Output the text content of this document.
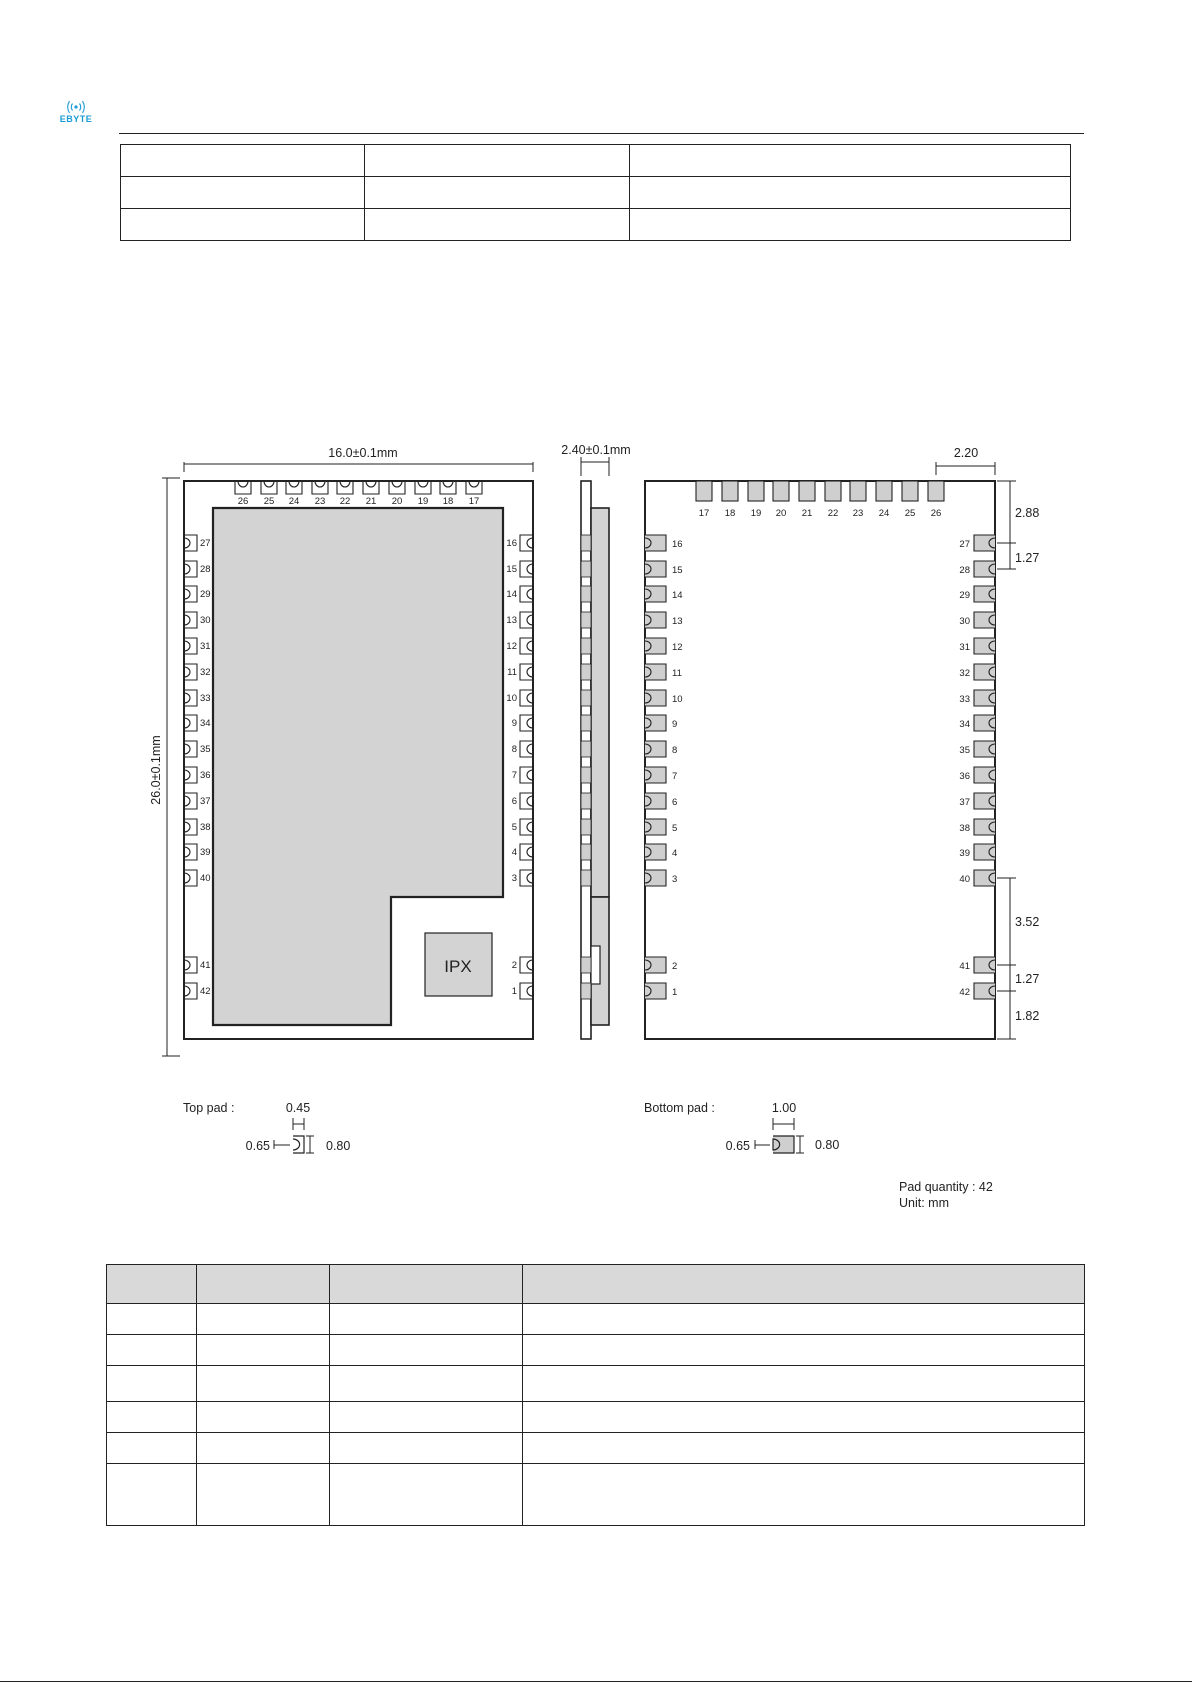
EBYTE

IPX
26 25 24 23 22 21 20 19 18 17
27	16
28	15
29	14
30	13
31	12
32	11
33	10
34	9
35	8
36	7
37	6
38	5
39	4
40	3
41	2
42	1
16.0±0.1mm
26.0±0.1mm
2.40±0.1mm
17 18 19 20 21 22 23 24 25 26
16	27
15	28
14	29
13	30
12	31
11	32
10	33
9	34
8	35
7	36
6	37
5	38
4	39
3	40
2	41
1	42
2.20
2.88
1.27
3.52
1.27
1.82
Top pad :	0.45
0.65	0.80
Bottom pad :	1.00
0.65	0.80
Pad quantity : 42
Unit: mm
